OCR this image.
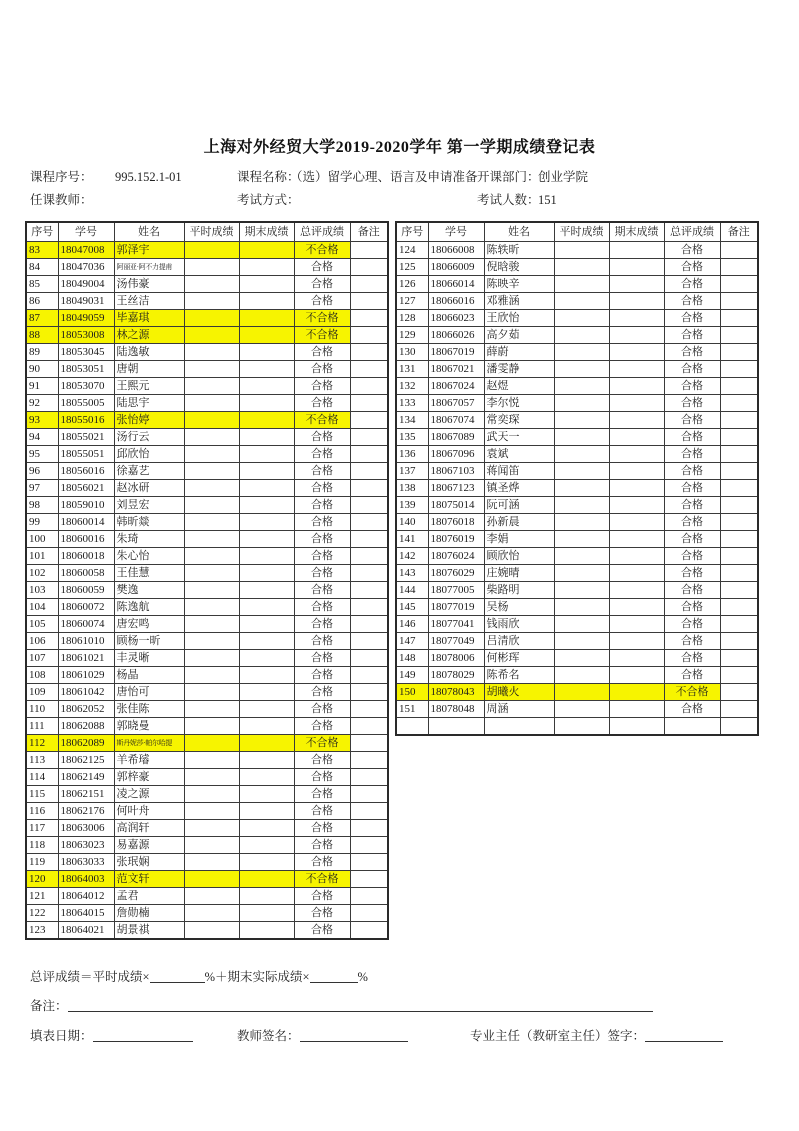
上海对外经贸大学2019-2020学年 第一学期成绩登记表
课程序号： 995.152.1-01	课程名称：
（选）留学心理、语言及申请准备 开课部门：
创业学院
任课教师：	考试方式：	考试人数：
151
序号	学号	姓名	平时成绩	期末成绩	总评成绩	备注
83	18047008	郭泽宇			不合格	
84	18047036	阿丽亚·阿不力提甫			合格	
85	18049004	汤伟豪			合格	
86	18049031	王丝洁			合格	
87	18049059	毕嘉琪			不合格	
88	18053008	林之源			不合格	
89	18053045	陆逸敏			合格	
90	18053051	唐朝			合格	
91	18053070	王熙元			合格	
92	18055005	陆思宇			合格	
93	18055016	张怡婷			不合格	
94	18055021	汤行云			合格	
95	18055051	邱欣怡			合格	
96	18056016	徐嘉艺			合格	
97	18056021	赵冰研			合格	
98	18059010	刘昱宏			合格	
99	18060014	韩昕燚			合格	
100	18060016	朱琦			合格	
101	18060018	朱心怡			合格	
102	18060058	王佳慧			合格	
103	18060059	樊逸			合格	
104	18060072	陈逸航			合格	
105	18060074	唐宏鸣			合格	
106	18061010	顾杨一昕			合格	
107	18061021	丰灵晰			合格	
108	18061029	杨晶			合格	
109	18061042	唐怡可			合格	
110	18062052	张佳陈			合格	
111	18062088	郭晓曼			合格	
112	18062089	斯丹妮莎·帕尔哈提			不合格	
113	18062125	羊希璿			合格	
114	18062149	郭梓豪			合格	
115	18062151	凌之源			合格	
116	18062176	何叶舟			合格	
117	18063006	高润轩			合格	
118	18063023	易嘉源			合格	
119	18063033	张珉娴			合格	
120	18064003	范文轩			不合格	
121	18064012	孟君			合格	
122	18064015	詹勋楠			合格	
123	18064021	胡景祺			合格	
序号	学号	姓名	平时成绩	期末成绩	总评成绩	备注
124	18066008	陈轶昕			合格	
125	18066009	倪晗骏			合格	
126	18066014	陈映辛			合格	
127	18066016	邓雅涵			合格	
128	18066023	王欣怡			合格	
129	18066026	高夕茹			合格	
130	18067019	薛蔚			合格	
131	18067021	潘雯静			合格	
132	18067024	赵煜			合格	
133	18067057	李尔悦			合格	
134	18067074	常奕琛			合格	
135	18067089	武天一			合格	
136	18067096	袁斌			合格	
137	18067103	蒋闻笛			合格	
138	18067123	镇圣烨			合格	
139	18075014	阮可涵			合格	
140	18076018	孙新晨			合格	
141	18076019	李娟			合格	
142	18076024	顾欣怡			合格	
143	18076029	庄婉晴			合格	
144	18077005	柴路明			合格	
145	18077019	吴杨			合格	
146	18077041	钱雨欣			合格	
147	18077049	吕清欣			合格	
148	18078006	何彬珲			合格	
149	18078029	陈希名			合格	
150	18078043	胡曦火			不合格	
151	18078048	周涵			合格	

总评成绩＝平时成绩×	%＋期末实际成绩×	%
备注：
填表日期：	教师签名：	专业主任（教研室主任）签字：
